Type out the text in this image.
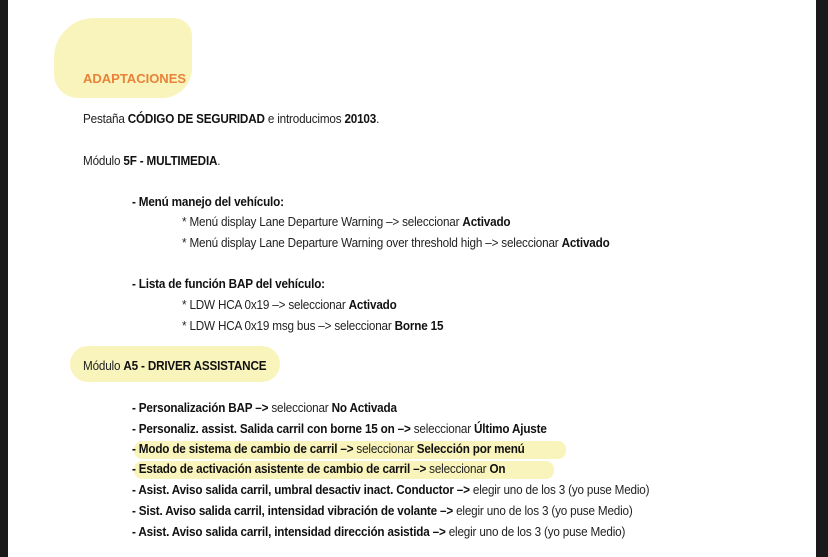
ADAPTACIONES
Pestaña CÓDIGO DE SEGURIDAD e introducimos 20103.
Módulo 5F - MULTIMEDIA.
- Menú manejo del vehículo:
* Menú display Lane Departure Warning –> seleccionar Activado
* Menú display Lane Departure Warning over threshold high –> seleccionar Activado
- Lista de función BAP del vehículo:
* LDW HCA 0x19 –> seleccionar Activado
* LDW HCA 0x19 msg bus –> seleccionar Borne 15
Módulo A5 - DRIVER ASSISTANCE
- Personalización BAP –> seleccionar No Activada
- Personaliz. assist. Salida carril con borne 15 on –> seleccionar Último Ajuste
- Modo de sistema de cambio de carril –> seleccionar Selección por menú
- Estado de activación asistente de cambio de carril –> seleccionar On
- Asist. Aviso salida carril, umbral desactiv inact. Conductor –> elegir uno de los 3 (yo puse Medio)
- Sist. Aviso salida carril, intensidad vibración de volante –> elegir uno de los 3 (yo puse Medio)
- Asist. Aviso salida carril, intensidad dirección asistida –> elegir uno de los 3 (yo puse Medio)
